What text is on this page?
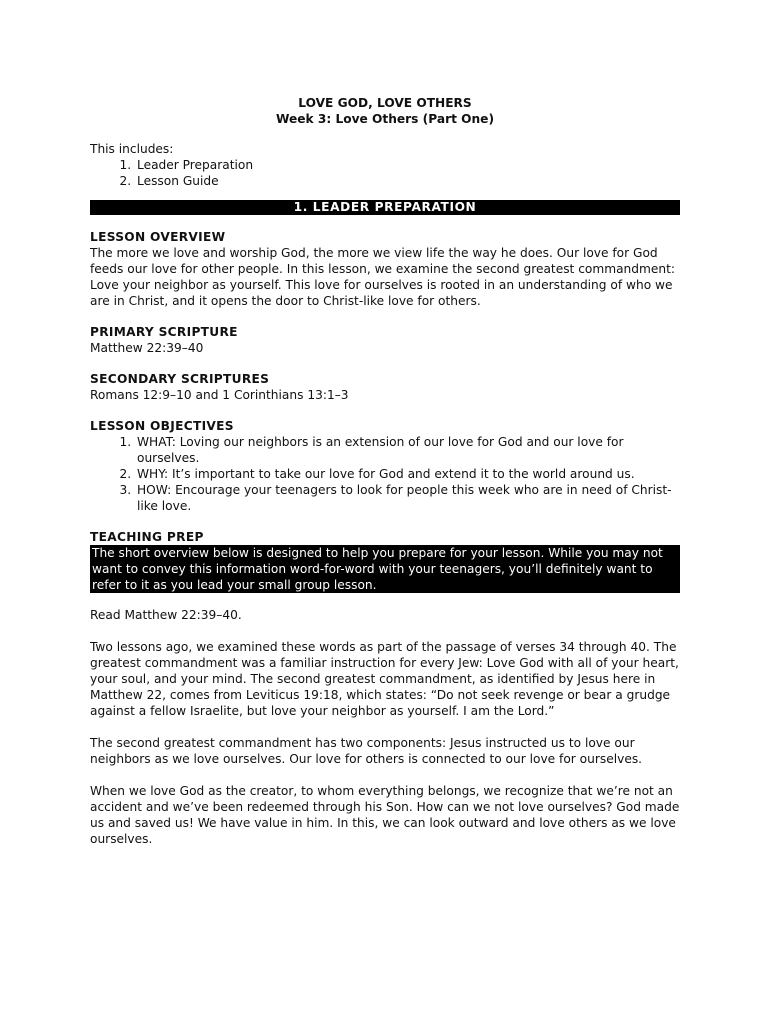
LOVE GOD, LOVE OTHERS
Week 3: Love Others (Part One)
This includes:
1. Leader Preparation
2. Lesson Guide
1. LEADER PREPARATION
LESSON OVERVIEW
The more we love and worship God, the more we view life the way he does. Our love for God feeds our love for other people. In this lesson, we examine the second greatest commandment: Love your neighbor as yourself. This love for ourselves is rooted in an understanding of who we are in Christ, and it opens the door to Christ-like love for others.
PRIMARY SCRIPTURE
Matthew 22:39–40
SECONDARY SCRIPTURES
Romans 12:9–10 and 1 Corinthians 13:1–3
LESSON OBJECTIVES
1. WHAT: Loving our neighbors is an extension of our love for God and our love for ourselves.
2. WHY: It’s important to take our love for God and extend it to the world around us.
3. HOW: Encourage your teenagers to look for people this week who are in need of Christ-like love.
TEACHING PREP
The short overview below is designed to help you prepare for your lesson. While you may not want to convey this information word-for-word with your teenagers, you’ll definitely want to refer to it as you lead your small group lesson.
Read Matthew 22:39–40.
Two lessons ago, we examined these words as part of the passage of verses 34 through 40. The greatest commandment was a familiar instruction for every Jew: Love God with all of your heart, your soul, and your mind. The second greatest commandment, as identified by Jesus here in Matthew 22, comes from Leviticus 19:18, which states: “Do not seek revenge or bear a grudge against a fellow Israelite, but love your neighbor as yourself. I am the Lord.”
The second greatest commandment has two components: Jesus instructed us to love our neighbors as we love ourselves. Our love for others is connected to our love for ourselves.
When we love God as the creator, to whom everything belongs, we recognize that we’re not an accident and we’ve been redeemed through his Son. How can we not love ourselves? God made us and saved us! We have value in him. In this, we can look outward and love others as we love ourselves.
